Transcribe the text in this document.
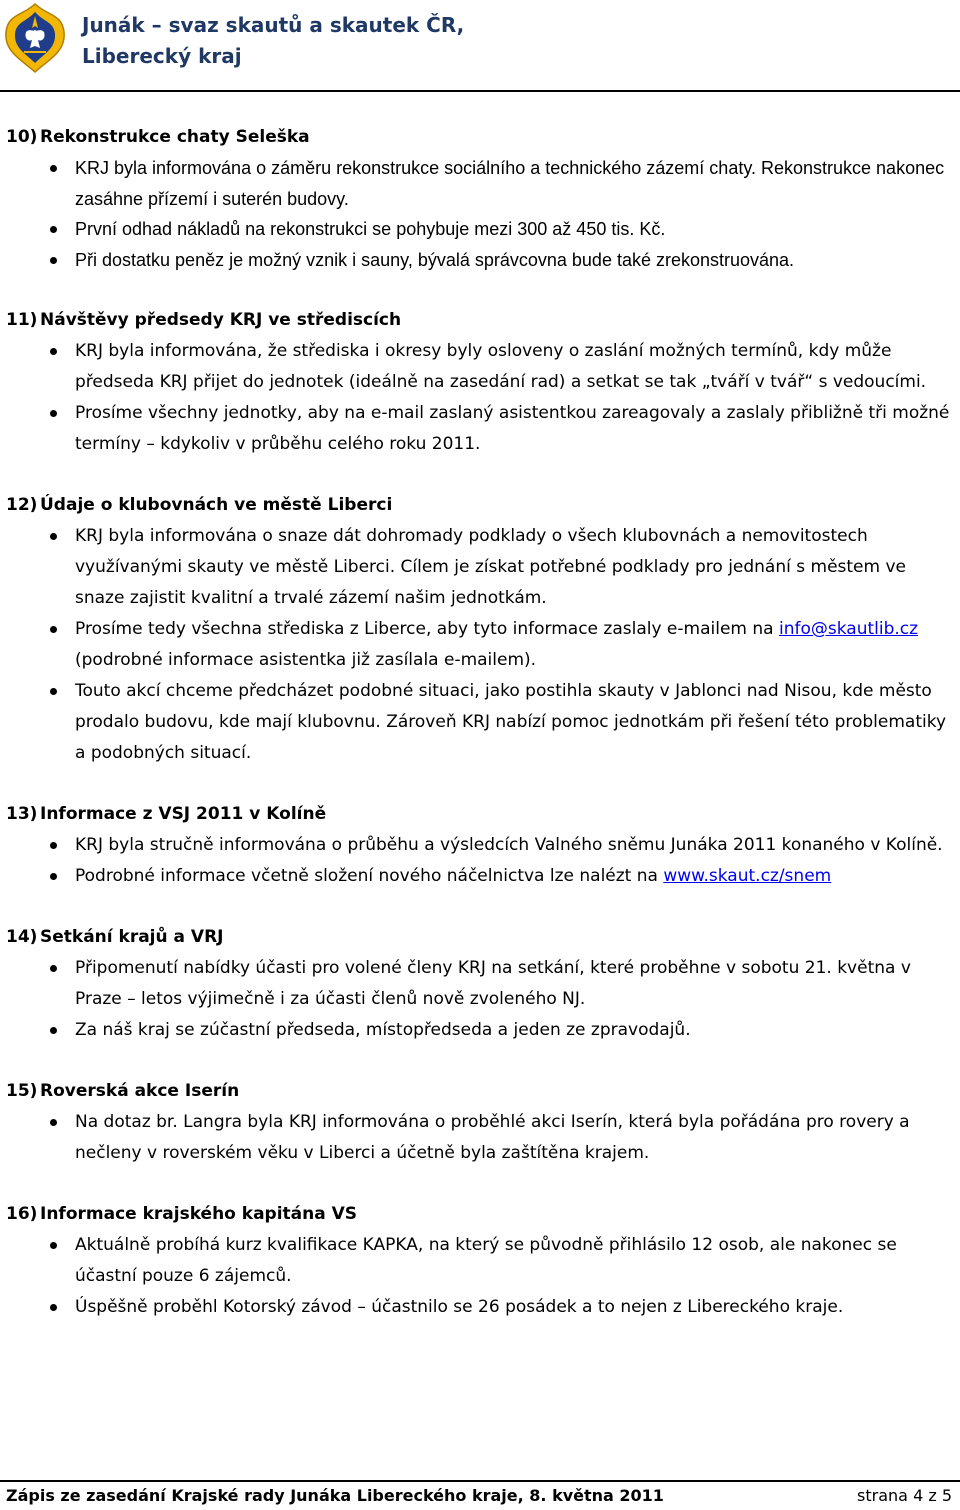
Junák – svaz skautů a skautek ČR,
Liberecký kraj
10) Rekonstrukce chaty Seleška
KRJ byla informována o záměru rekonstrukce sociálního a technického zázemí chaty. Rekonstrukce nakonec zasáhne přízemí i suterén budovy.
První odhad nákladů na rekonstrukci se pohybuje mezi 300 až 450 tis. Kč.
Při dostatku peněz je možný vznik i sauny, bývalá správcovna bude také zrekonstruována.
11) Návštěvy předsedy KRJ ve střediscích
KRJ byla informována, že střediska i okresy byly osloveny o zaslání možných termínů, kdy může předseda KRJ přijet do jednotek (ideálně na zasedání rad) a setkat se tak „tváří v tvář“ s vedoucími.
Prosíme všechny jednotky, aby na e-mail zaslaný asistentkou zareagovaly a zaslaly přibližně tři možné termíny – kdykoliv v průběhu celého roku 2011.
12) Údaje o klubovnách ve městě Liberci
KRJ byla informována o snaze dát dohromady podklady o všech klubovnách a nemovitostech využívanými skauty ve městě Liberci. Cílem je získat potřebné podklady pro jednání s městem ve snaze zajistit kvalitní a trvalé zázemí našim jednotkám.
Prosíme tedy všechna střediska z Liberce, aby tyto informace zaslaly e-mailem na info@skautlib.cz (podrobné informace asistentka již zasílala e-mailem).
Touto akcí chceme předcházet podobné situaci, jako postihla skauty v Jablonci nad Nisou, kde město prodalo budovu, kde mají klubovnu. Zároveň KRJ nabízí pomoc jednotkám při řešení této problematiky a podobných situací.
13) Informace z VSJ 2011 v Kolíně
KRJ byla stručně informována o průběhu a výsledcích Valného sněmu Junáka 2011 konaného v Kolíně.
Podrobné informace včetně složení nového náčelnictva lze nalézt na www.skaut.cz/snem
14) Setkání krajů a VRJ
Připomenutí nabídky účasti pro volené členy KRJ na setkání, které proběhne v sobotu 21. května v Praze – letos výjimečně i za účasti členů nově zvoleného NJ.
Za náš kraj se zúčastní předseda, místopředseda a jeden ze zpravodajů.
15) Roverská akce Iserín
Na dotaz br. Langra byla KRJ informována o proběhlé akci Iserín, která byla pořádána pro rovery a nečleny v roverském věku v Liberci a účetně byla zaštítěna krajem.
16) Informace krajského kapitána VS
Aktuálně probíhá kurz kvalifikace KAPKA, na který se původně přihlásilo 12 osob, ale nakonec se účastní pouze 6 zájemců.
Úspěšně proběhl Kotorský závod – účastnilo se 26 posádek a to nejen z Libereckého kraje.
Zápis ze zasedání Krajské rady Junáka Libereckého kraje, 8. května 2011	strana 4 z 5
